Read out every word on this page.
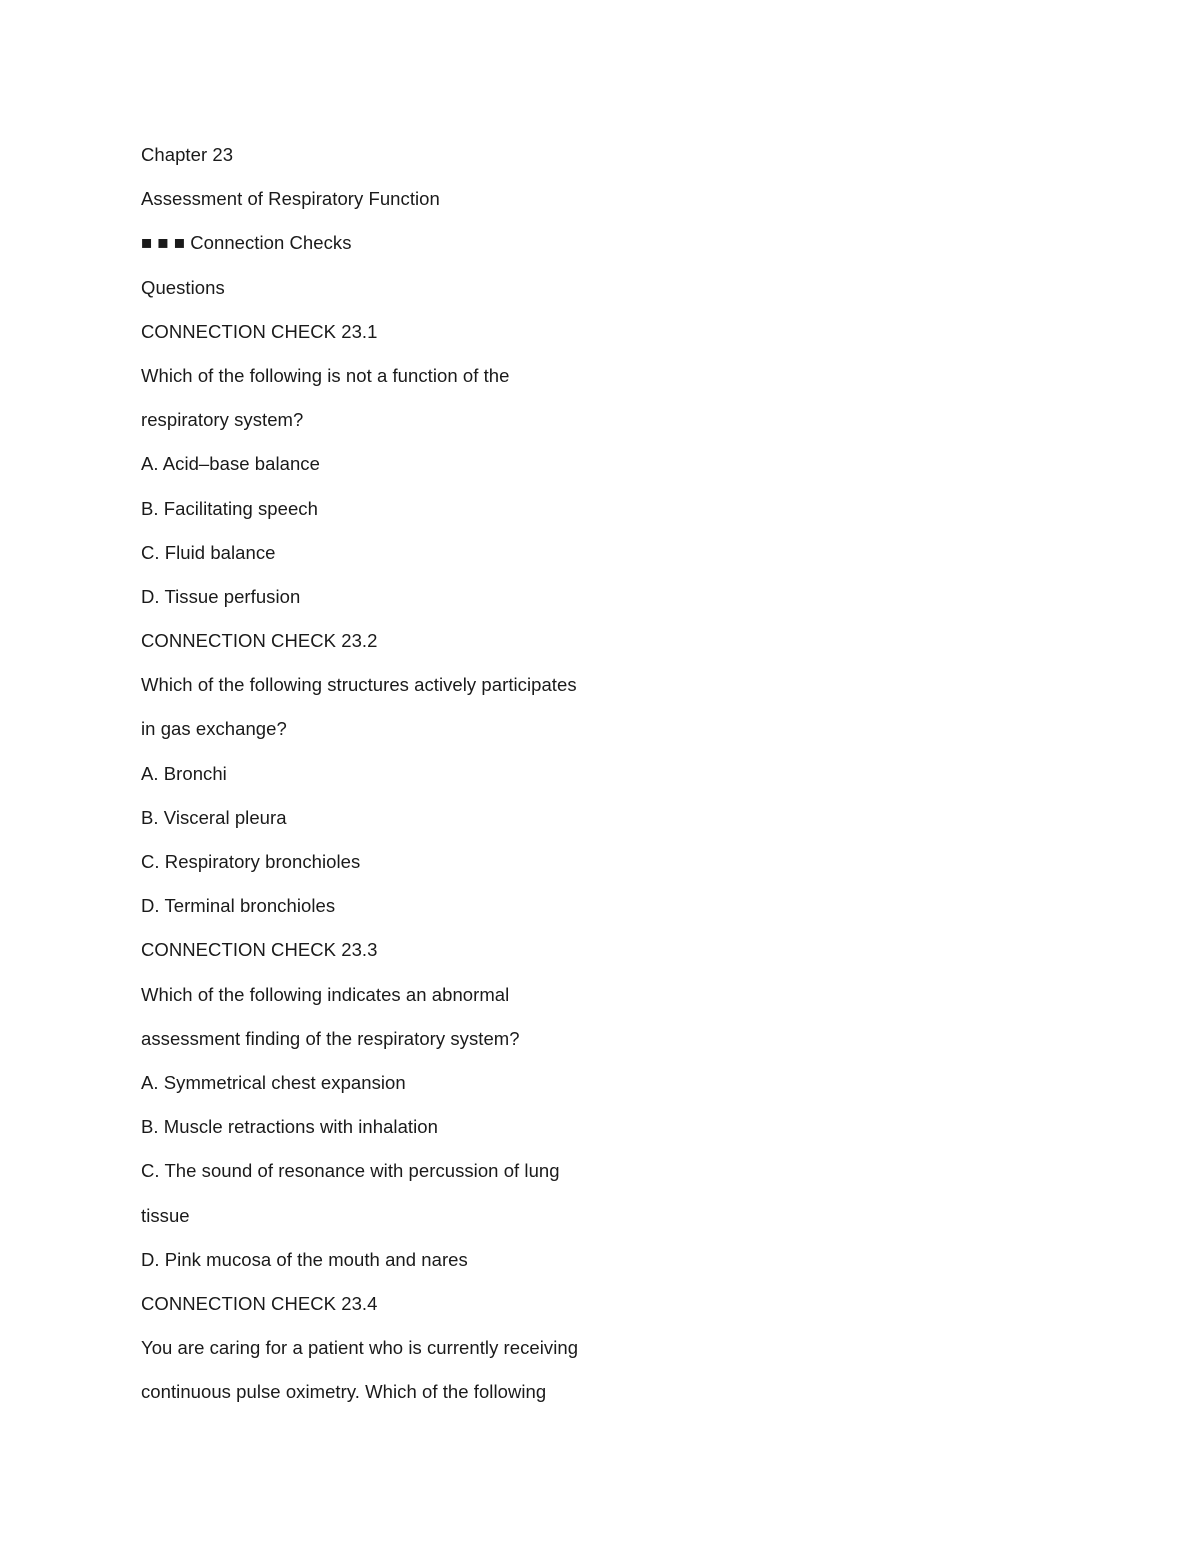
Chapter 23
Assessment of Respiratory Function
■ ■ ■ Connection Checks
Questions
CONNECTION CHECK 23.1
Which of the following is not a function of the
respiratory system?
A. Acid–base balance
B. Facilitating speech
C. Fluid balance
D. Tissue perfusion
CONNECTION CHECK 23.2
Which of the following structures actively participates
in gas exchange?
A. Bronchi
B. Visceral pleura
C. Respiratory bronchioles
D. Terminal bronchioles
CONNECTION CHECK 23.3
Which of the following indicates an abnormal
assessment finding of the respiratory system?
A. Symmetrical chest expansion
B. Muscle retractions with inhalation
C. The sound of resonance with percussion of lung
tissue
D. Pink mucosa of the mouth and nares
CONNECTION CHECK 23.4
You are caring for a patient who is currently receiving
continuous pulse oximetry. Which of the following
